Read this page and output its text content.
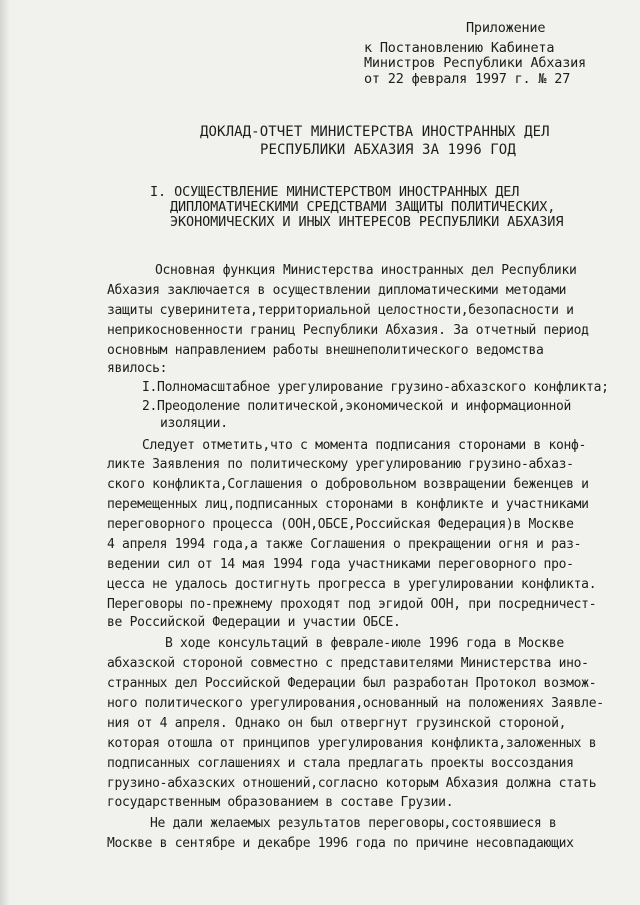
Приложение
к Постановлению Кабинета
Министров Республики Абхазия
от 22 февраля 1997 г. № 27
ДОКЛАД-ОТЧЕТ МИНИСТЕРСТВА ИНОСТРАННЫХ ДЕЛ
РЕСПУБЛИКИ АБХАЗИЯ ЗА 1996 ГОД
I. ОСУЩЕСТВЛЕНИЕ МИНИСТЕРСТВОМ ИНОСТРАННЫХ ДЕЛ
ДИПЛОМАТИЧЕСКИМИ СРЕДСТВАМИ ЗАЩИТЫ ПОЛИТИЧЕСКИХ,
ЭКОНОМИЧЕСКИХ И ИНЫХ ИНТЕРЕСОВ РЕСПУБЛИКИ АБХАЗИЯ
Основная функция Министерства иностранных дел Республики
Абхазия заключается в осуществлении дипломатическими методами
защиты суверинитета,территориальной целостности,безопасности и
неприкосновенности границ Республики Абхазия. За отчетный период
основным направлением работы внешнеполитического ведомства
явилось:
I.Полномасштабное урегулирование грузино-абхазского конфликта;
2.Преодоление политической,экономической и информационной
изоляции.
Следует отметить,что с момента подписания сторонами в конф-
ликте Заявления по политическому урегулированию грузино-абхаз-
ского конфликта,Соглашения о добровольном возвращении беженцев и
перемещенных лиц,подписанных сторонами в конфликте и участниками
переговорного процесса (ООН,ОБСЕ,Российская Федерация)в Москве
4 апреля 1994 года,а также Соглашения о прекращении огня и раз-
ведении сил от 14 мая 1994 года участниками переговорного про-
цесса не удалось достигнуть прогресса в урегулировании конфликта.
Переговоры по-прежнему проходят под эгидой ООН, при посредничест-
ве Российской Федерации и участии ОБСЕ.
В ходе консультаций в феврале-июле 1996 года в Москве
абхазской стороной совместно с представителями Министерства ино-
странных дел Российской Федерации был разработан Протокол возмож-
ного политического урегулирования,основанный на положениях Заявле-
ния от 4 апреля. Однако он был отвергнут грузинской стороной,
которая отошла от принципов урегулирования конфликта,заложенных в
подписанных соглашениях и стала предлагать проекты воссоздания
грузино-абхазских отношений,согласно которым Абхазия должна стать
государственным образованием в составе Грузии.
Не дали желаемых результатов переговоры,состоявшиеся в
Москве в сентябре и декабре 1996 года по причине несовпадающих
